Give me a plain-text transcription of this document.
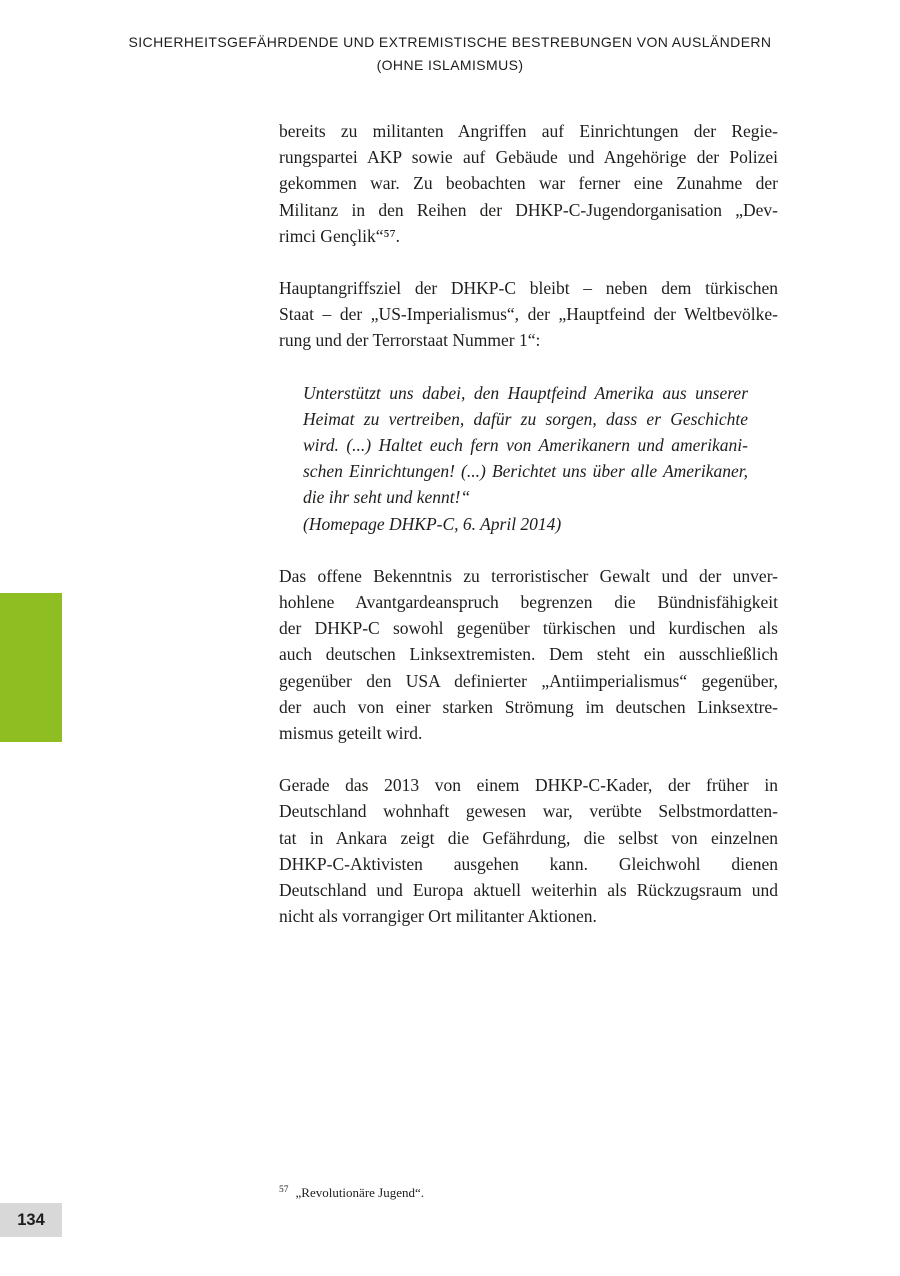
SICHERHEITSGEFÄHRDENDE UND EXTREMISTISCHE BESTREBUNGEN VON AUSLÄNDERN
(OHNE ISLAMISMUS)
bereits zu militanten Angriffen auf Einrichtungen der Regie-
rungspartei AKP sowie auf Gebäude und Angehörige der Polizei
gekommen war. Zu beobachten war ferner eine Zunahme der
Militanz in den Reihen der DHKP-C-Jugendorganisation „Dev-
rimci Gençlik“⁵⁷.
Hauptangriffsziel der DHKP-C bleibt – neben dem türkischen
Staat – der „US-Imperialismus“, der „Hauptfeind der Weltbevölke-
rung und der Terrorstaat Nummer 1“:
Unterstützt uns dabei, den Hauptfeind Amerika aus unserer
Heimat zu vertreiben, dafür zu sorgen, dass er Geschichte
wird. (...) Haltet euch fern von Amerikanern und amerikani-
schen Einrichtungen! (...) Berichtet uns über alle Amerikaner,
die ihr seht und kennt!“
(Homepage DHKP-C, 6. April 2014)
Das offene Bekenntnis zu terroristischer Gewalt und der unver-
hohlene Avantgardeanspruch begrenzen die Bündnisfähigkeit
der DHKP-C sowohl gegenüber türkischen und kurdischen als
auch deutschen Linksextremisten. Dem steht ein ausschließlich
gegenüber den USA definierter „Antiimperialismus“ gegenüber,
der auch von einer starken Strömung im deutschen Linksextre-
mismus geteilt wird.
Gerade das 2013 von einem DHKP-C-Kader, der früher in
Deutschland wohnhaft gewesen war, verübte Selbstmordatten-
tat in Ankara zeigt die Gefährdung, die selbst von einzelnen
DHKP-C-Aktivisten ausgehen kann. Gleichwohl dienen
Deutschland und Europa aktuell weiterhin als Rückzugsraum und
nicht als vorrangiger Ort militanter Aktionen.
$^{57}$ „Revolutionäre Jugend“.
134
